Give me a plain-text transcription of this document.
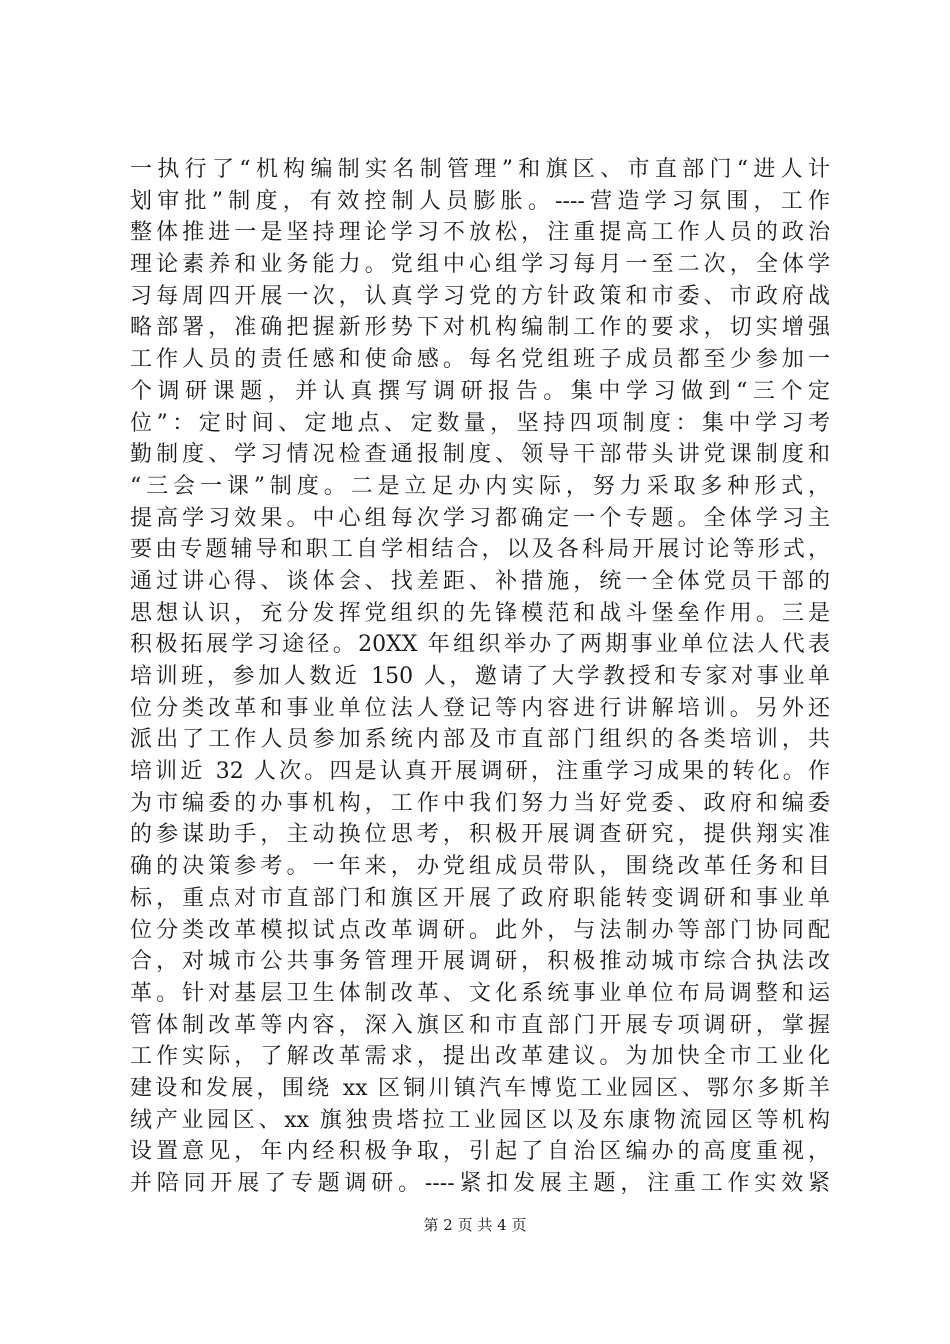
一执行了“机构编制实名制管理”和旗区、市直部门“进人计
划审批”制度，有效控制人员膨胀。----营造学习氛围，工作
整体推进一是坚持理论学习不放松，注重提高工作人员的政治
理论素养和业务能力。党组中心组学习每月一至二次，全体学
习每周四开展一次，认真学习党的方针政策和市委、市政府战
略部署，准确把握新形势下对机构编制工作的要求，切实增强
工作人员的责任感和使命感。每名党组班子成员都至少参加一
个调研课题，并认真撰写调研报告。集中学习做到“三个定
位”：定时间、定地点、定数量，坚持四项制度：集中学习考
勤制度、学习情况检查通报制度、领导干部带头讲党课制度和
“三会一课”制度。二是立足办内实际，努力采取多种形式，
提高学习效果。中心组每次学习都确定一个专题。全体学习主
要由专题辅导和职工自学相结合，以及各科局开展讨论等形式，
通过讲心得、谈体会、找差距、补措施，统一全体党员干部的
思想认识，充分发挥党组织的先锋模范和战斗堡垒作用。三是
积极拓展学习途径。20XX 年组织举办了两期事业单位法人代表
培训班，参加人数近 150 人，邀请了大学教授和专家对事业单
位分类改革和事业单位法人登记等内容进行讲解培训。另外还
派出了工作人员参加系统内部及市直部门组织的各类培训，共
培训近 32 人次。四是认真开展调研，注重学习成果的转化。作
为市编委的办事机构，工作中我们努力当好党委、政府和编委
的参谋助手，主动换位思考，积极开展调查研究，提供翔实准
确的决策参考。一年来，办党组成员带队，围绕改革任务和目
标，重点对市直部门和旗区开展了政府职能转变调研和事业单
位分类改革模拟试点改革调研。此外，与法制办等部门协同配
合，对城市公共事务管理开展调研，积极推动城市综合执法改
革。针对基层卫生体制改革、文化系统事业单位布局调整和运
管体制改革等内容，深入旗区和市直部门开展专项调研，掌握
工作实际，了解改革需求，提出改革建议。为加快全市工业化
建设和发展，围绕 xx 区铜川镇汽车博览工业园区、鄂尔多斯羊
绒产业园区、xx 旗独贵塔拉工业园区以及东康物流园区等机构
设置意见，年内经积极争取，引起了自治区编办的高度重视，
并陪同开展了专题调研。----紧扣发展主题，注重工作实效紧
第 2 页 共 4 页
